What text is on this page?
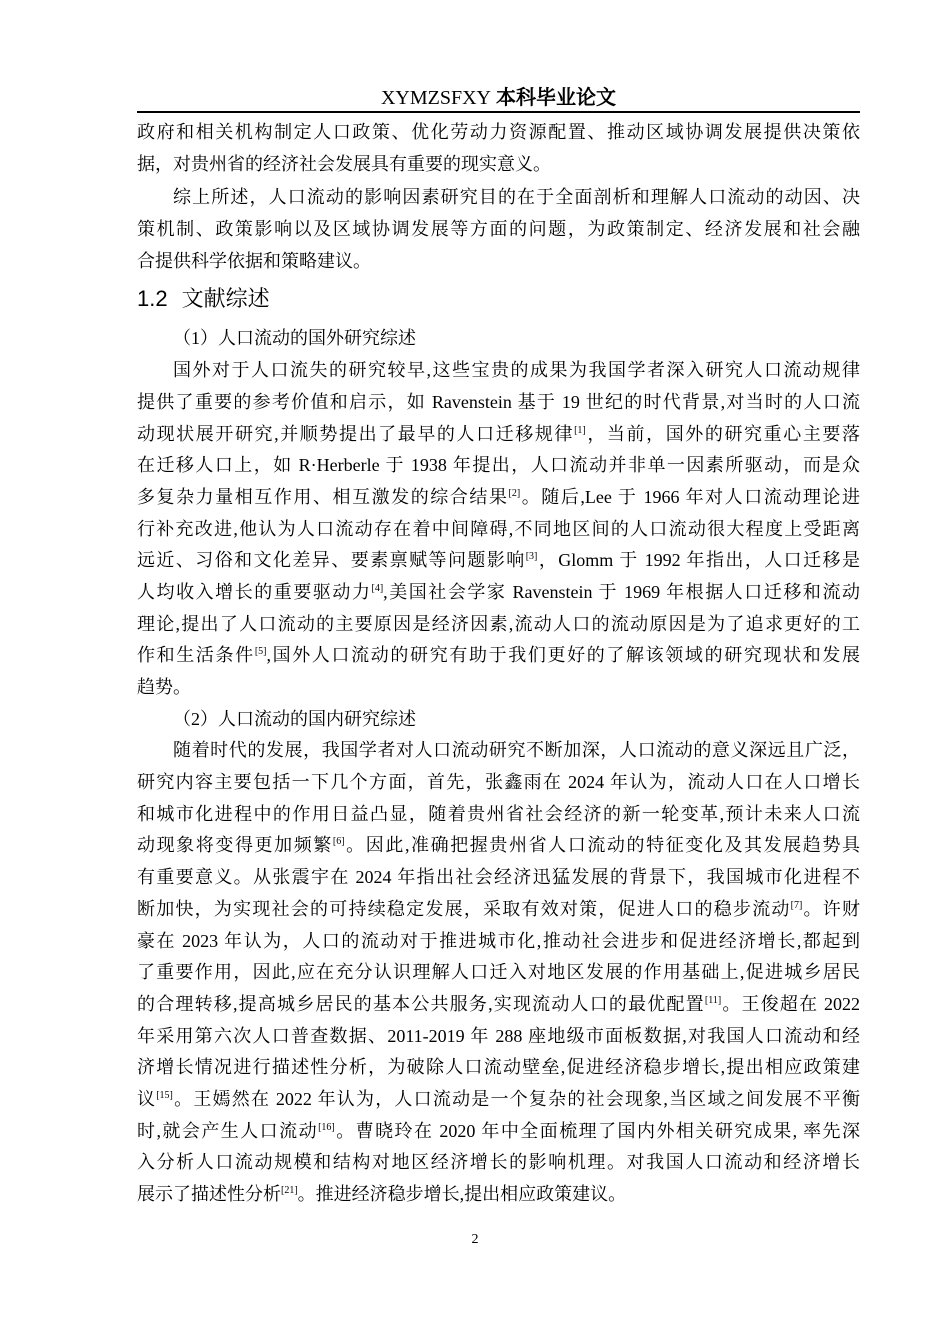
XYMZSFXY 本科毕业论文
政府和相关机构制定人口政策、优化劳动力资源配置、推动区域协调发展提供决策依
据，对贵州省的经济社会发展具有重要的现实意义。
综上所述，人口流动的影响因素研究目的在于全面剖析和理解人口流动的动因、决
策机制、政策影响以及区域协调发展等方面的问题，为政策制定、经济发展和社会融
合提供科学依据和策略建议。
1.2 文献综述
（1）人口流动的国外研究综述
国外对于人口流失的研究较早,这些宝贵的成果为我国学者深入研究人口流动规律
提供了重要的参考价值和启示，如 Ravenstein 基于 19 世纪的时代背景,对当时的人口流
动现状展开研究,并顺势提出了最早的人口迁移规律[1]，当前，国外的研究重心主要落
在迁移人口上，如 R·Herberle 于 1938 年提出，人口流动并非单一因素所驱动，而是众
多复杂力量相互作用、相互激发的综合结果[2]。随后,Lee 于 1966 年对人口流动理论进
行补充改进,他认为人口流动存在着中间障碍,不同地区间的人口流动很大程度上受距离
远近、习俗和文化差异、要素禀赋等问题影响[3]，Glomm 于 1992 年指出，人口迁移是
人均收入增长的重要驱动力[4],美国社会学家 Ravenstein 于 1969 年根据人口迁移和流动
理论,提出了人口流动的主要原因是经济因素,流动人口的流动原因是为了追求更好的工
作和生活条件[5],国外人口流动的研究有助于我们更好的了解该领域的研究现状和发展
趋势。
（2）人口流动的国内研究综述
随着时代的发展，我国学者对人口流动研究不断加深，人口流动的意义深远且广泛，
研究内容主要包括一下几个方面，首先，张鑫雨在 2024 年认为，流动人口在人口增长
和城市化进程中的作用日益凸显，随着贵州省社会经济的新一轮变革,预计未来人口流
动现象将变得更加频繁[6]。因此,准确把握贵州省人口流动的特征变化及其发展趋势具
有重要意义。从张震宇在 2024 年指出社会经济迅猛发展的背景下，我国城市化进程不
断加快，为实现社会的可持续稳定发展，采取有效对策，促进人口的稳步流动[7]。许财
豪在 2023 年认为，人口的流动对于推进城市化,推动社会进步和促进经济增长,都起到
了重要作用，因此,应在充分认识理解人口迁入对地区发展的作用基础上,促进城乡居民
的合理转移,提高城乡居民的基本公共服务,实现流动人口的最优配置[11]。王俊超在 2022
年采用第六次人口普查数据、2011-2019 年 288 座地级市面板数据,对我国人口流动和经
济增长情况进行描述性分析，为破除人口流动壁垒,促进经济稳步增长,提出相应政策建
议[15]。王嫣然在 2022 年认为，人口流动是一个复杂的社会现象,当区域之间发展不平衡
时,就会产生人口流动[16]。曹晓玲在 2020 年中全面梳理了国内外相关研究成果, 率先深
入分析人口流动规模和结构对地区经济增长的影响机理。对我国人口流动和经济增长
展示了描述性分析[21]。推进经济稳步增长,提出相应政策建议。
2
